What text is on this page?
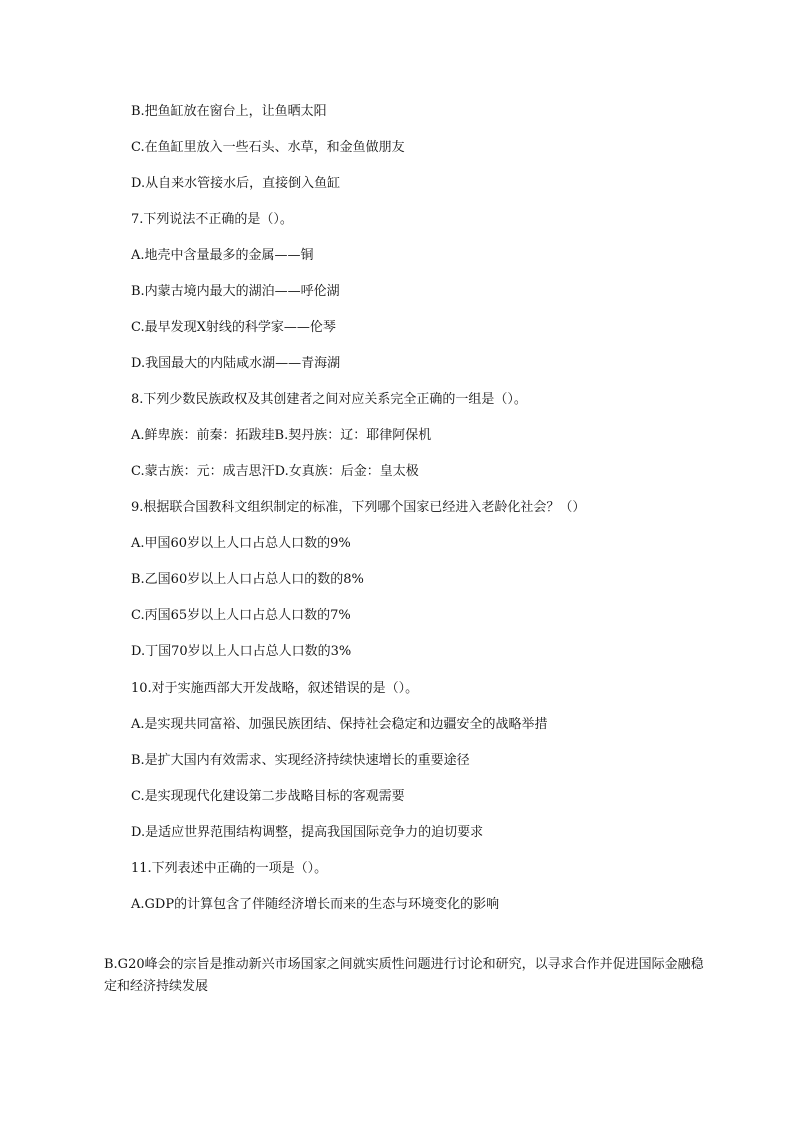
B.把鱼缸放在窗台上，让鱼晒太阳
C.在鱼缸里放入一些石头、水草，和金鱼做朋友
D.从自来水管接水后，直接倒入鱼缸
7.下列说法不正确的是（）。
A.地壳中含量最多的金属——铜
B.内蒙古境内最大的湖泊——呼伦湖
C.最早发现X射线的科学家——伦琴
D.我国最大的内陆咸水湖——青海湖
8.下列少数民族政权及其创建者之间对应关系完全正确的一组是（）。
A.鲜卑族：前秦：拓跋珪B.契丹族：辽：耶律阿保机
C.蒙古族：元：成吉思汗D.女真族：后金：皇太极
9.根据联合国教科文组织制定的标准，下列哪个国家已经进入老龄化社会？（）
A.甲国60岁以上人口占总人口数的9%
B.乙国60岁以上人口占总人口的数的8%
C.丙国65岁以上人口占总人口数的7%
D.丁国70岁以上人口占总人口数的3%
10.对于实施西部大开发战略，叙述错误的是（）。
A.是实现共同富裕、加强民族团结、保持社会稳定和边疆安全的战略举措
B.是扩大国内有效需求、实现经济持续快速增长的重要途径
C.是实现现代化建设第二步战略目标的客观需要
D.是适应世界范围结构调整，提高我国国际竞争力的迫切要求
11.下列表述中正确的一项是（）。
A.GDP的计算包含了伴随经济增长而来的生态与环境变化的影响
B.G20峰会的宗旨是推动新兴市场国家之间就实质性问题进行讨论和研究，以寻求合作并促进国际金融稳定和经济持续发展
